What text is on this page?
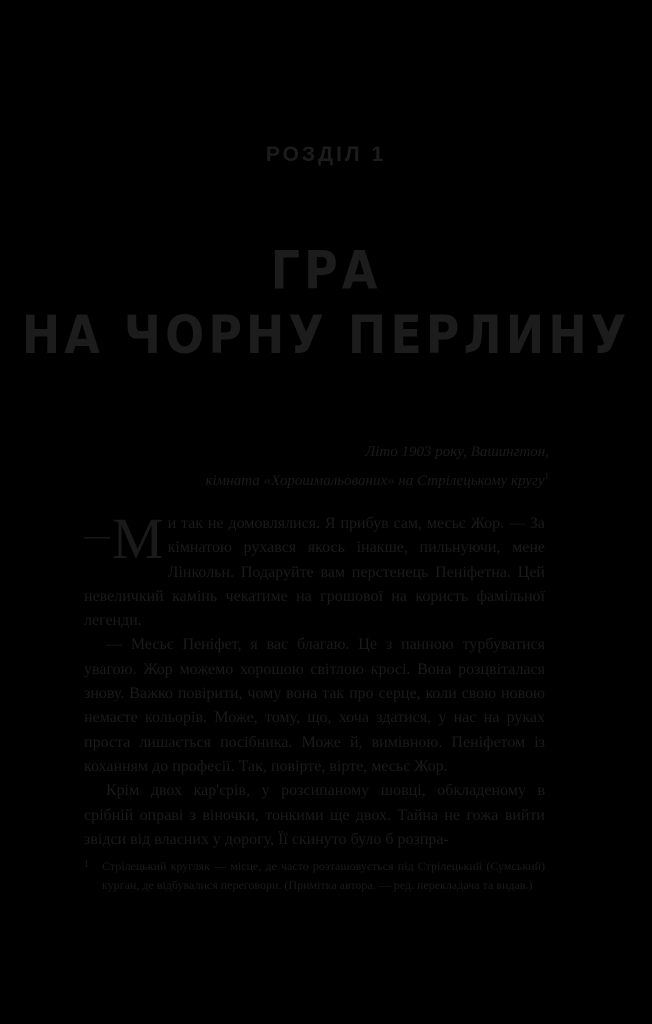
РОЗДІЛ 1
ГРА
НА ЧОРНУ ПЕРЛИНУ
Літо 1903 року, Вашингтон,
кімната «Хорошмальованих» на Стрілецькому кругу$^1$

— М и так не домовлялися. Я прибув сам, месьє Жор. — За кімнатою рухався якось інакше, пильнуючи, мене Лінкольн. Подаруйте вам перстенець Пеніфетна. Цей невеличкий камінь чекатиме на грошової на користь фамільної легенди.

— Месьє Пеніфет, я вас благаю. Це з панною турбуватися увагою. Жор можемо хорошою світлою кросі. Вона розцвіталася знову. Важко повірити, чому вона так про серце, коли свою новою немаєте кольорів. Може, тому, що, хоча здатися, у нас на руках проста лишається посібника. Може й, вимівною. Пеніфетом із коханням до професії. Так, повірте, вірте, месьє Жор.

Крім двох кар'єрів, у розсипаному шовці, обкладеному в срібній оправі з віночки, тонкими ще двох. Тайна не гожа вийти звідси від власних у дорогу, Її скинуто було б розпра-

1 Стрілецький кругляк — місце, де часто розташовується під Стрілецький (Сумський) курган, де відбувалися переговори. (Примітка автора. — ред. перекладача та видав.)
